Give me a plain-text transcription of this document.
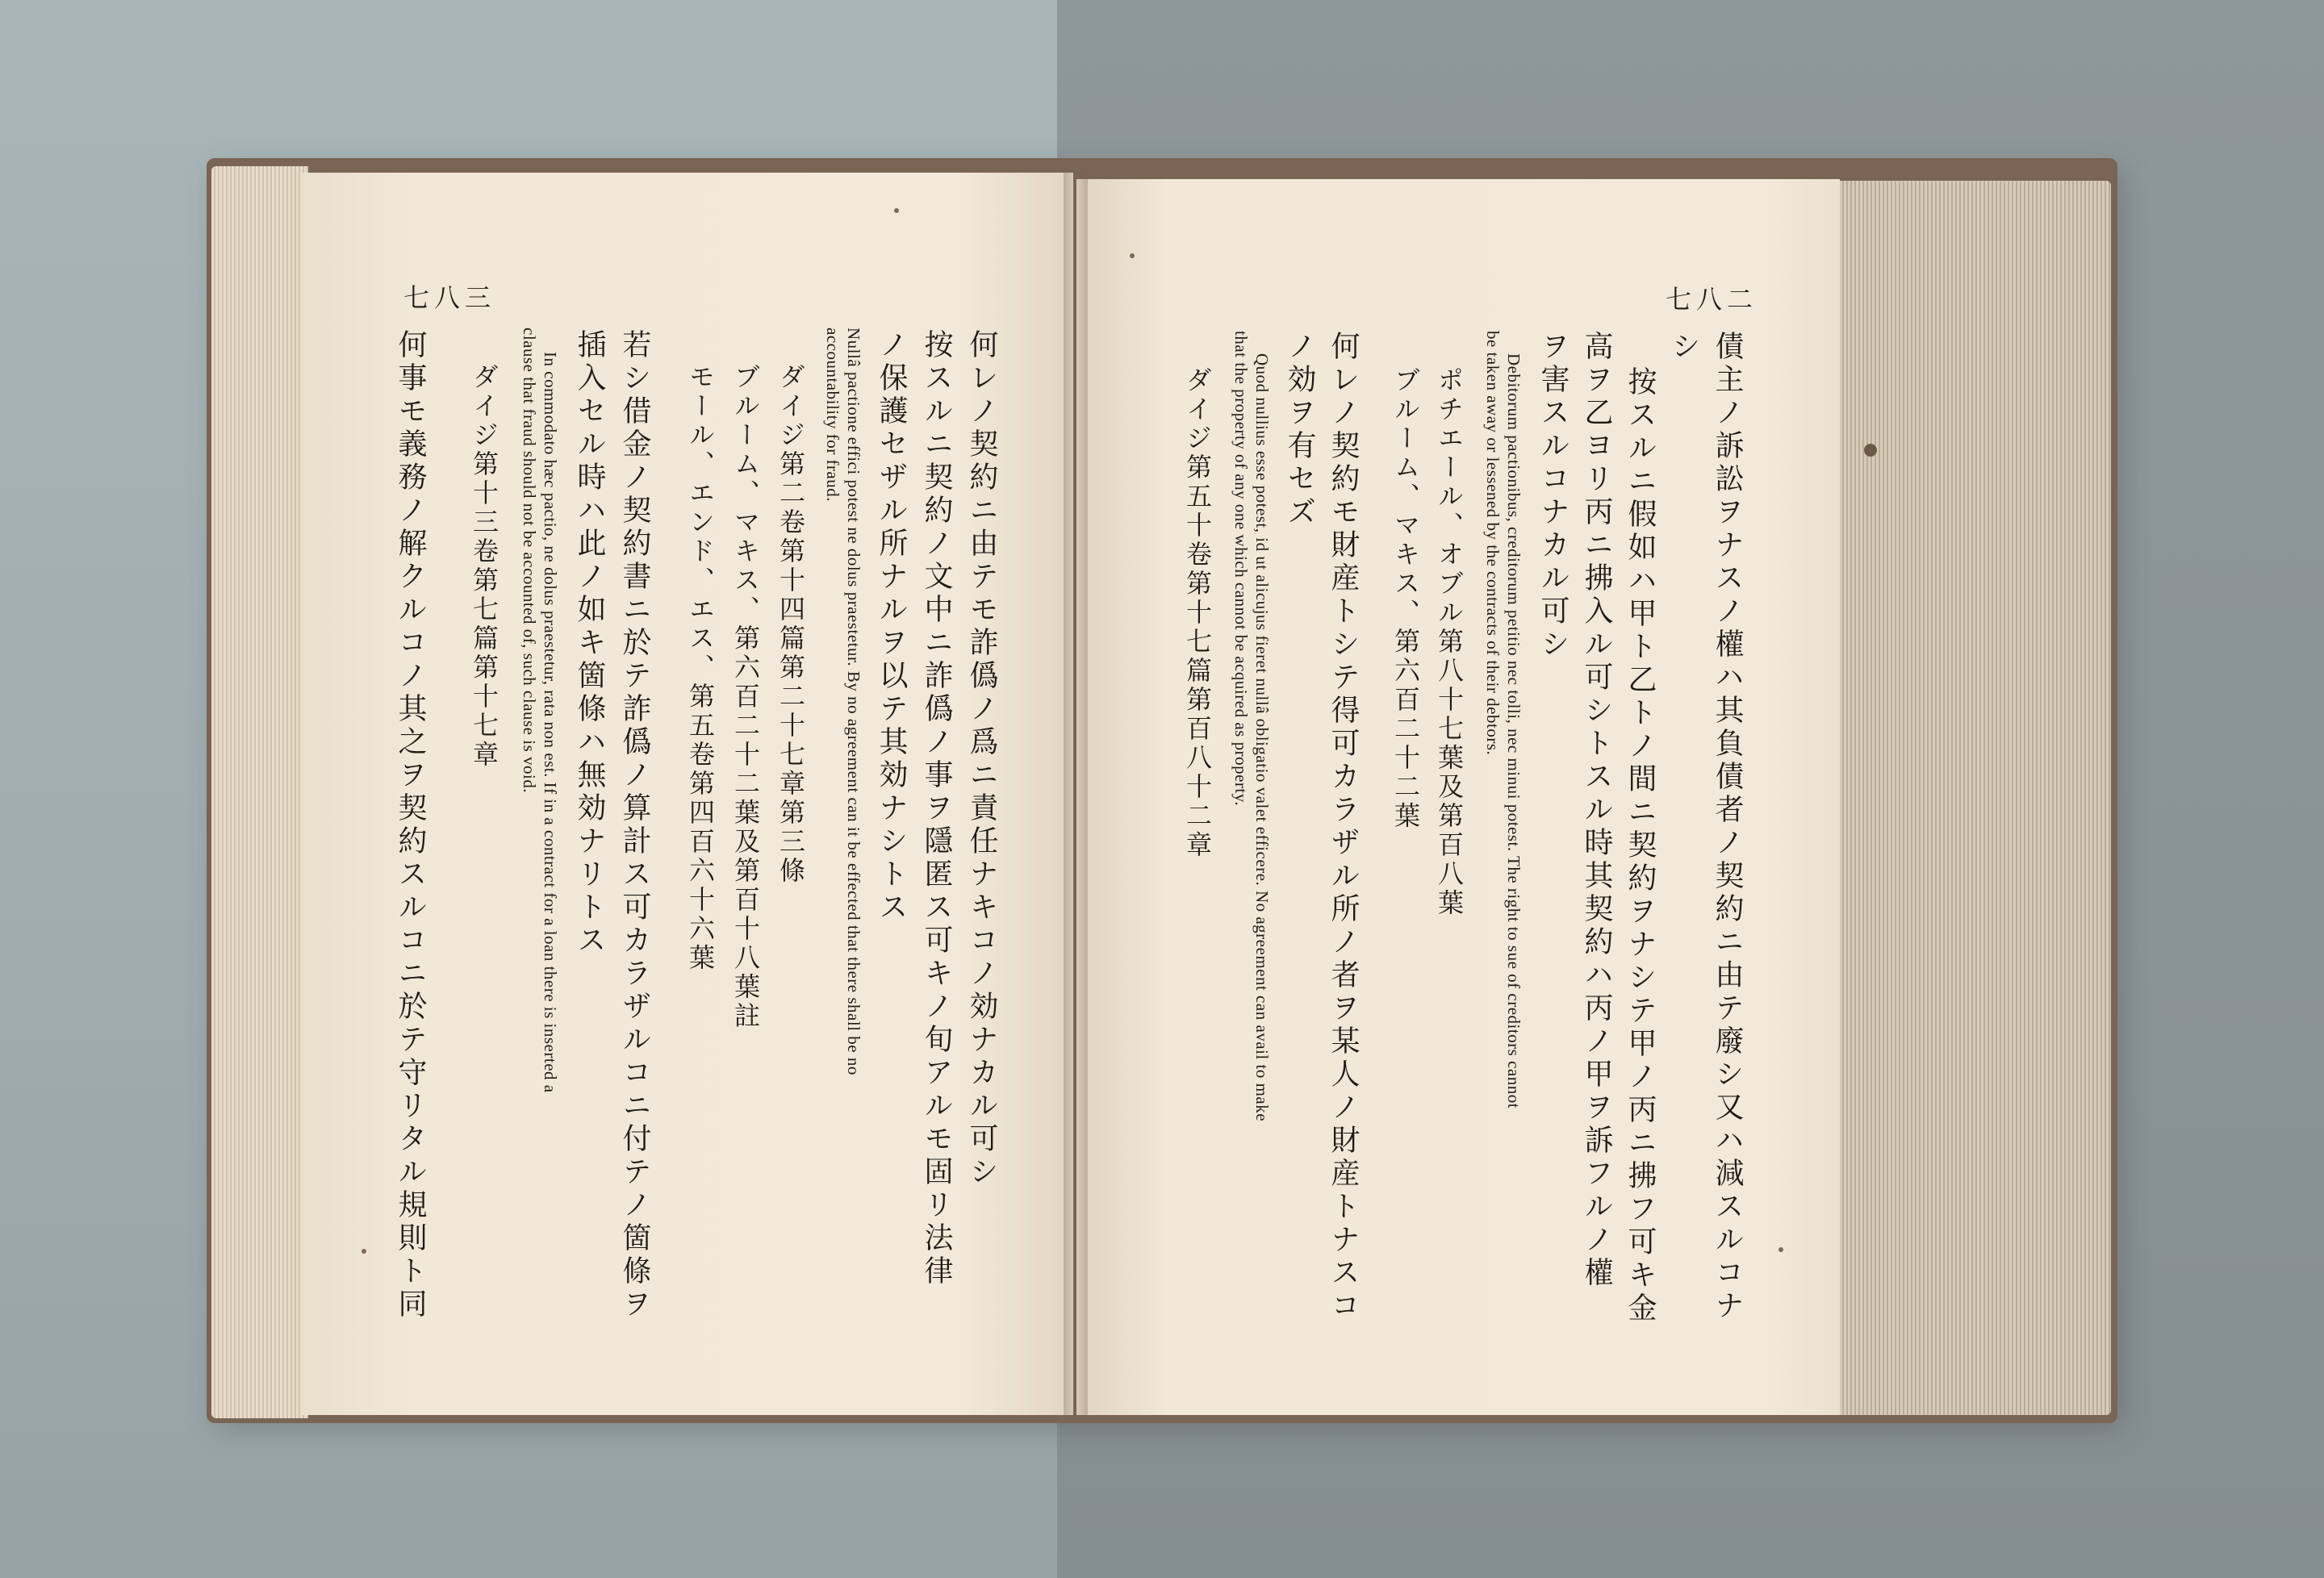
七八三
何レノ契約ニ由テモ詐僞ノ爲ニ責任ナキコノ効ナカル可シ
按スルニ契約ノ文中ニ詐僞ノ事ヲ隱匿ス可キノ旬アルモ固リ法律
ノ保護セザル所ナルヲ以テ其効ナシトス
Nullâ pactione effici potest ne dolus praestetur. By no agreement can it be effected that there shall be no
accountability for fraud.
ダイジ第二卷第十四篇第二十七章第三條
ブルーム、マキス、第六百二十二葉及第百十八葉註
モール、エンド、エス、第五卷第四百六十六葉
若シ借金ノ契約書ニ於テ詐僞ノ算計ス可カラザルコニ付テノ箇條ヲ
插入セル時ハ此ノ如キ箇條ハ無効ナリトス
In commodato hæc pactio, ne dolus praestetur, rata non est. If in a contract for a loan there is inserted a
clause that fraud should not be accounted of, such clause is void.
ダイジ第十三卷第七篇第十七章
何事モ義務ノ解クルコノ其之ヲ契約スルコニ於テ守リタル規則ト同
七八二
債主ノ訴訟ヲナスノ權ハ其負債者ノ契約ニ由テ廢シ又ハ減スルコナ
シ
按スルニ假如ハ甲ト乙トノ間ニ契約ヲナシテ甲ノ丙ニ拂フ可キ金
高ヲ乙ヨリ丙ニ拂入ル可シトスル時其契約ハ丙ノ甲ヲ訴フルノ權
ヲ害スルコナカル可シ
Debitorum pactionibus, creditorum petitio nec tolli, nec minui potest. The right to sue of creditors cannot
be taken away or lessened by the contracts of their debtors.
ポチエール、オブル第八十七葉及第百八葉
ブルーム、マキス、第六百二十二葉
何レノ契約モ財産トシテ得可カラザル所ノ者ヲ某人ノ財産トナスコ
ノ効ヲ有セズ
Quod nullius esse potest, id ut alicujus fieret nullâ obligatio valet efficere. No agreement can avail to make
that the property of any one which cannot be acquired as property.
ダイジ第五十卷第十七篇第百八十二章
